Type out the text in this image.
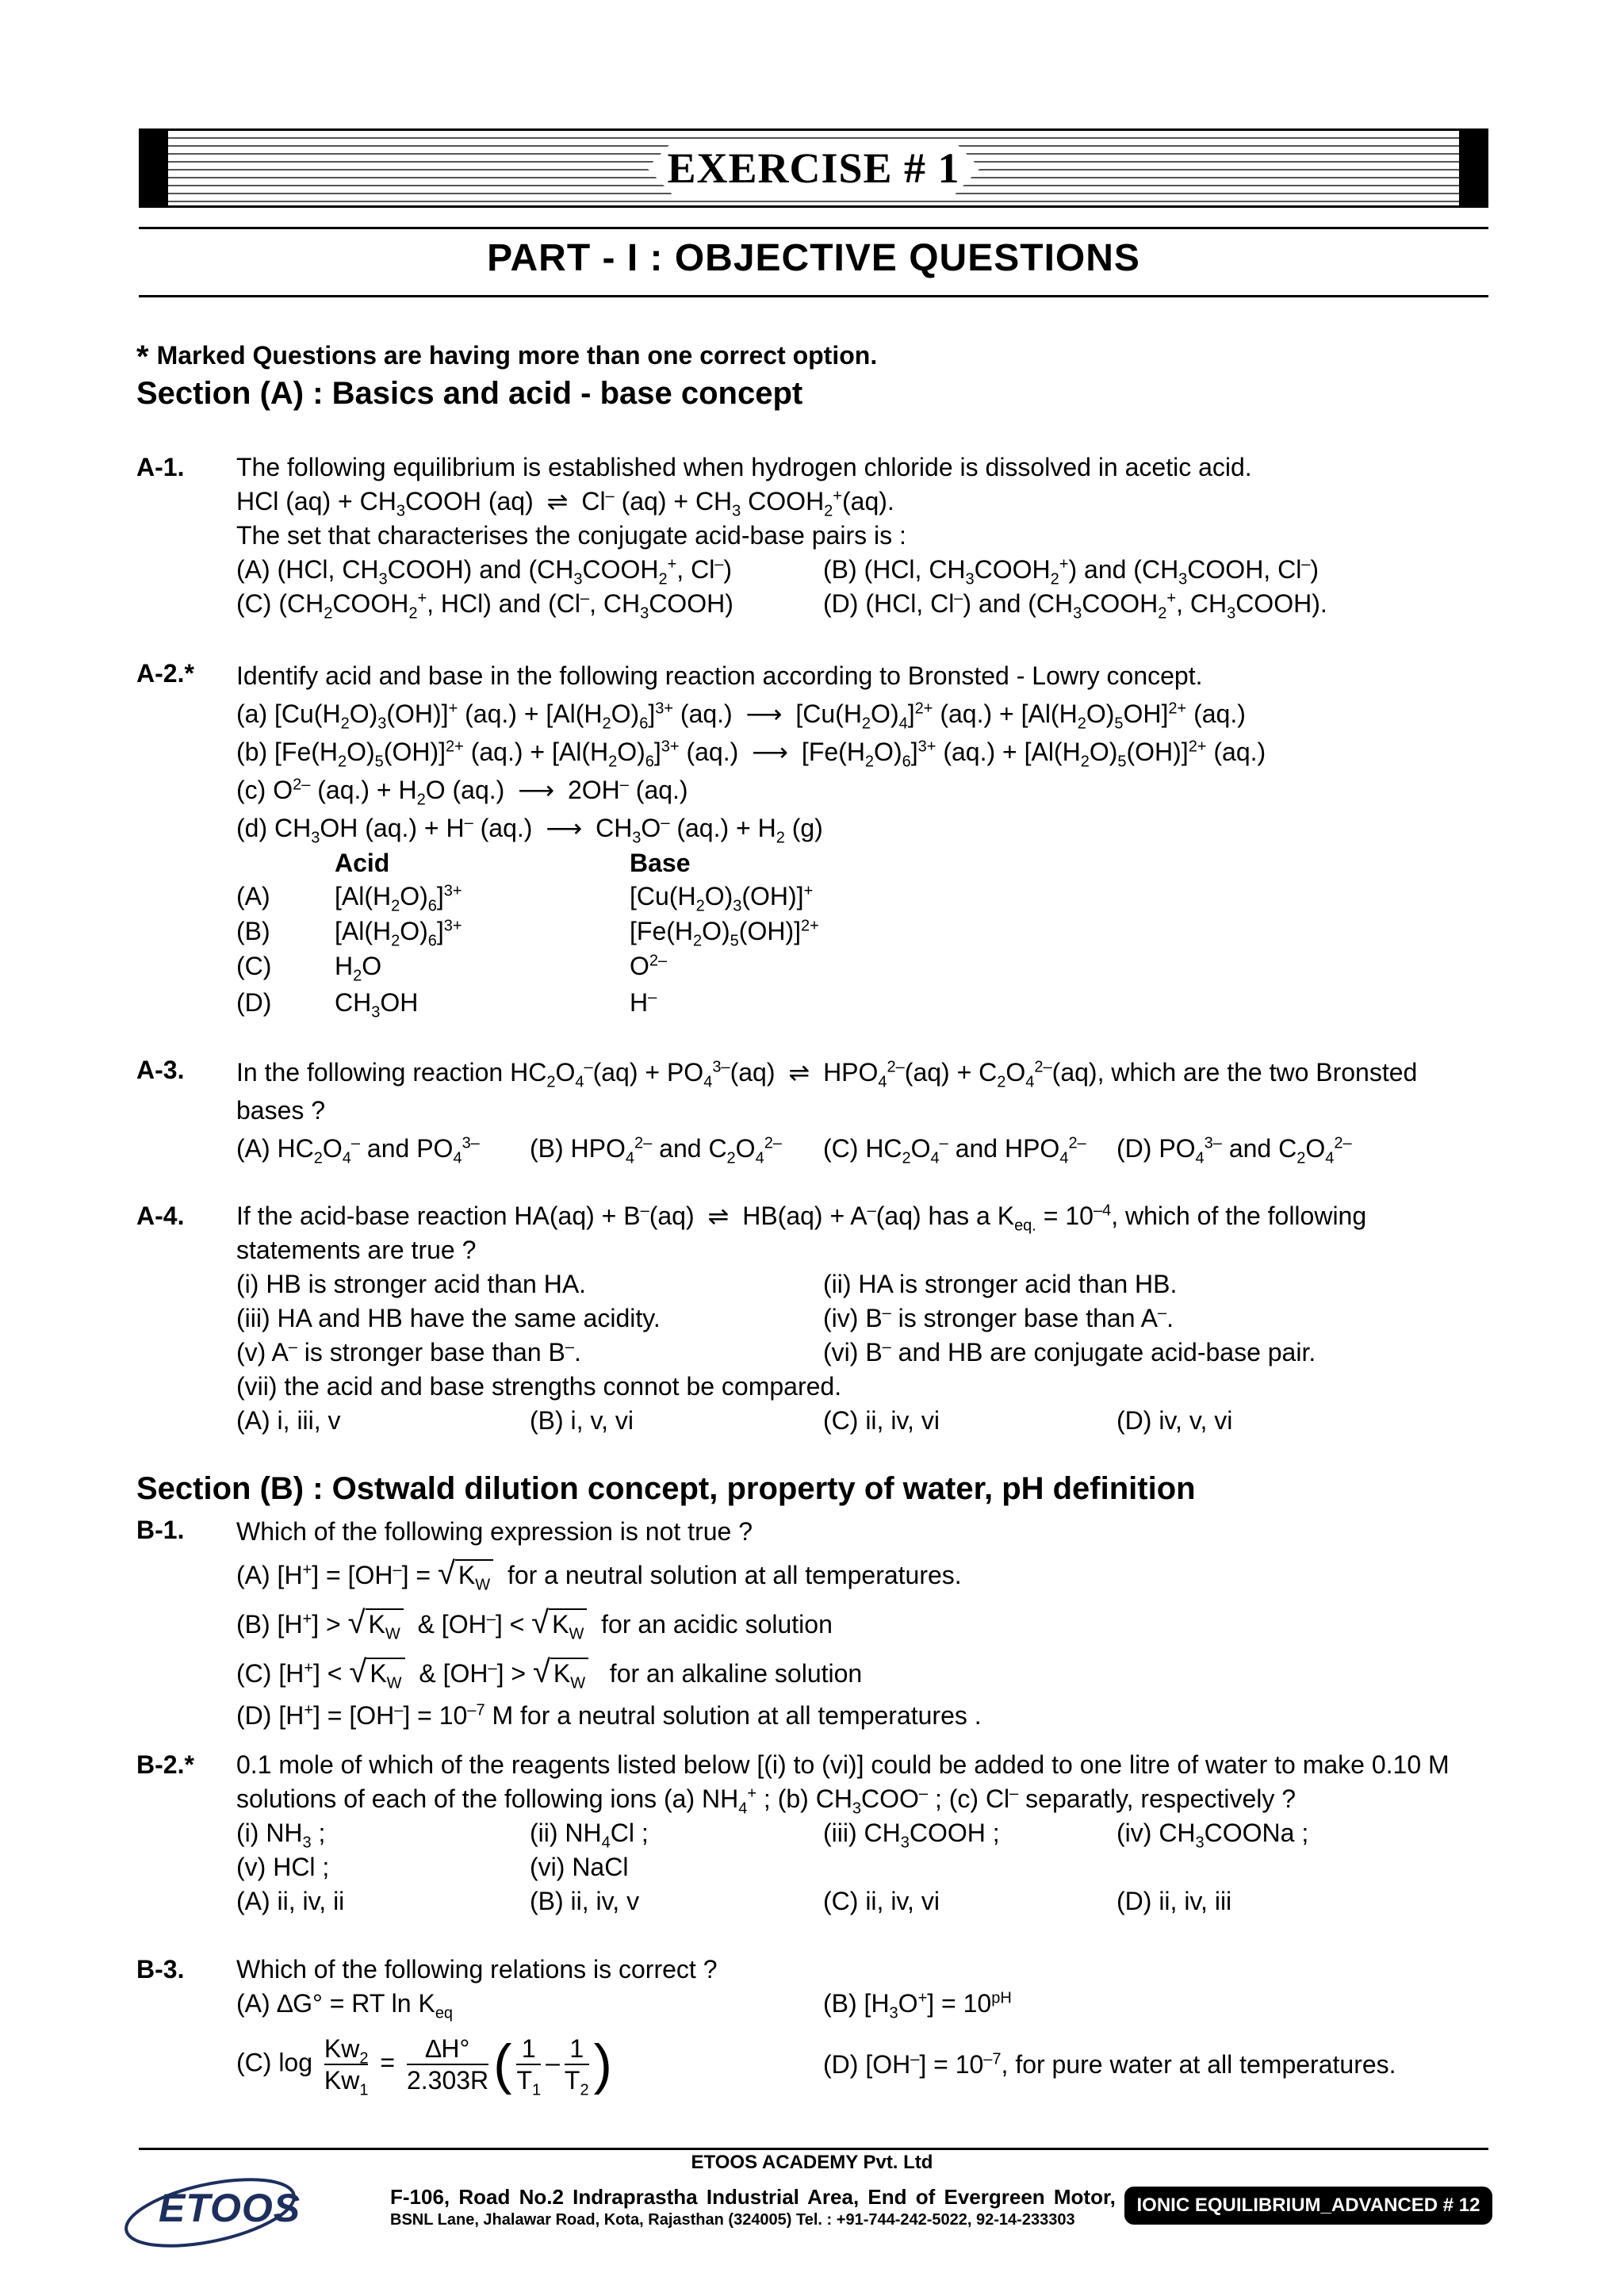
EXERCISE # 1
PART - I : OBJECTIVE QUESTIONS
* Marked Questions are having more than one correct option.
Section (A) : Basics and acid - base concept
A-1. The following equilibrium is established when hydrogen chloride is dissolved in acetic acid.
HCl $(aq) + CH_3COOH$ (aq) ⇌ Cl– $(aq) + CH_3$ $COOH_2^+(aq)$.
The set that characterises the conjugate acid-base pairs is :
(A) (HCl, $CH_3COOH$) and ($CH_3COOH_2^+$, Cl–)	(B) (HCl, $CH_3COOH_2^+$) and ($CH_3COOH$, Cl–)
(C) ($CH_2COOH_2^+$, HCl) and (Cl–, $CH_3COOH$)	(D) (HCl, Cl–) and ($CH_3COOH_2^+$, $CH_3COOH$).
A-2.* Identify acid and base in the following reaction according to Bronsted - Lowry concept.
(a) $[Cu(H_2O)_3(OH)]^+$ $(aq.) + [Al(H_2O)_6]^{3+}$ (aq.) ⟶ $[Cu(H_2O)_4]^{2+}$ $(aq.) + [Al(H_2O)_5OH]^{2+}$ (aq.)
(b) $[Fe(H_2O)_5(OH)]^{2+}$ $(aq.) + [Al(H_2O)_6]^{3+}$ (aq.) ⟶ $[Fe(H_2O)_6]^{3+}$ $(aq.) + [Al(H_2O)_5(OH)]^{2+}$ (aq.)
(c) $O^{2-}$ $(aq.) + H_2O$ (aq.) ⟶ 2OH– (aq.)
(d) $CH_3OH$ (aq.) + H– (aq.) ⟶ $CH_3O^-$ $(aq.) + H_2$ (g)
Acid	Base
(A)	$[Al(H_2O)_6]^{3+}$	$[Cu(H_2O)_3(OH)]^+$
(B)	$[Al(H_2O)_6]^{3+}$	$[Fe(H_2O)_5(OH)]^{2+}$
(C)	$H_2O$	$O^{2-}$
(D)	$CH_3OH$	H–
A-3. In the following reaction $HC_2O_4^-(aq) + PO_4^{3-}(aq)$ ⇌ $HPO_4^{2-}(aq) + C_2O_4^{2-}(aq)$, which are the two Bronsted
bases ?
(A) $HC_2O_4^-$ and $PO_4^{3-}$	(B) $HPO_4^{2-}$ and $C_2O_4^{2-}$	(C) $HC_2O_4^-$ and $HPO_4^{2-}$	(D) $PO_4^{3-}$ and $C_2O_4^{2-}$
A-4. If the acid-base reaction HA(aq) + B–(aq) ⇌ HB(aq) + A–(aq) has a $K_{eq.} = 10^{-4}$, which of the following
statements are true ?
(i) HB is stronger acid than HA.	(ii) HA is stronger acid than HB.
(iii) HA and HB have the same acidity.	(iv) B– is stronger base than A–.
(v) A– is stronger base than B–.	(vi) B– and HB are conjugate acid-base pair.
(vii) the acid and base strengths connot be compared.
(A) i, iii, v	(B) i, v, vi	(C) ii, iv, vi	(D) iv, v, vi
Section (B) : Ostwald dilution concept, property of water, pH definition
B-1. Which of the following expression is not true ?
(A) [H+] = [OH–] = √ $K_W$  for a neutral solution at all temperatures.
(B) [H+] > √ $K_W$  & [OH–] < √ $K_W$  for an acidic solution
(C) [H+] < √ $K_W$  & [OH–] > √ $K_W$   for an alkaline solution
(D) $[H^+] = [OH^-] = 10^{-7}$ M for a neutral solution at all temperatures .
B-2.* 0.1 mole of which of the reagents listed below [(i) to (vi)] could be added to one litre of water to make 0.10 M
solutions of each of the following ions (a) $NH_4^+$ ; (b) $CH_3COO^-$ ; (c) Cl– separatly, respectively ?
(i) $NH_3$ ;	(ii) $NH_4Cl$ ;	(iii) $CH_3COOH$ ;	(iv) $CH_3COONa$ ;
(v) HCl ;	(vi) NaCl
(A) ii, iv, ii	(B) ii, iv, v	(C) ii, iv, vi	(D) ii, iv, iii
B-3. Which of the following relations is correct ?
(A) ∆G° = RT $\ln K_{eq}$	(B) $[H_3O^+] = 10^{pH}$
(C) $\log \frac{Kw_2}{Kw_1} = \frac{\Delta H^\circ}{2.303R}$ ( $\frac{1}{T_1} - \frac{1}{T_2}$ )	(D) $[OH^-] = 10^{-7}$, for pure water at all temperatures.
ETOOS
ETOOS ACADEMY Pvt. Ltd
F-106, Road No.2 Indraprastha Industrial Area, End of Evergreen Motor,
BSNL Lane, Jhalawar Road, Kota, Rajasthan (324005) Tel. : +91-744-242-5022, 92-14-233303
IONIC EQUILIBRIUM_ADVANCED # 12
